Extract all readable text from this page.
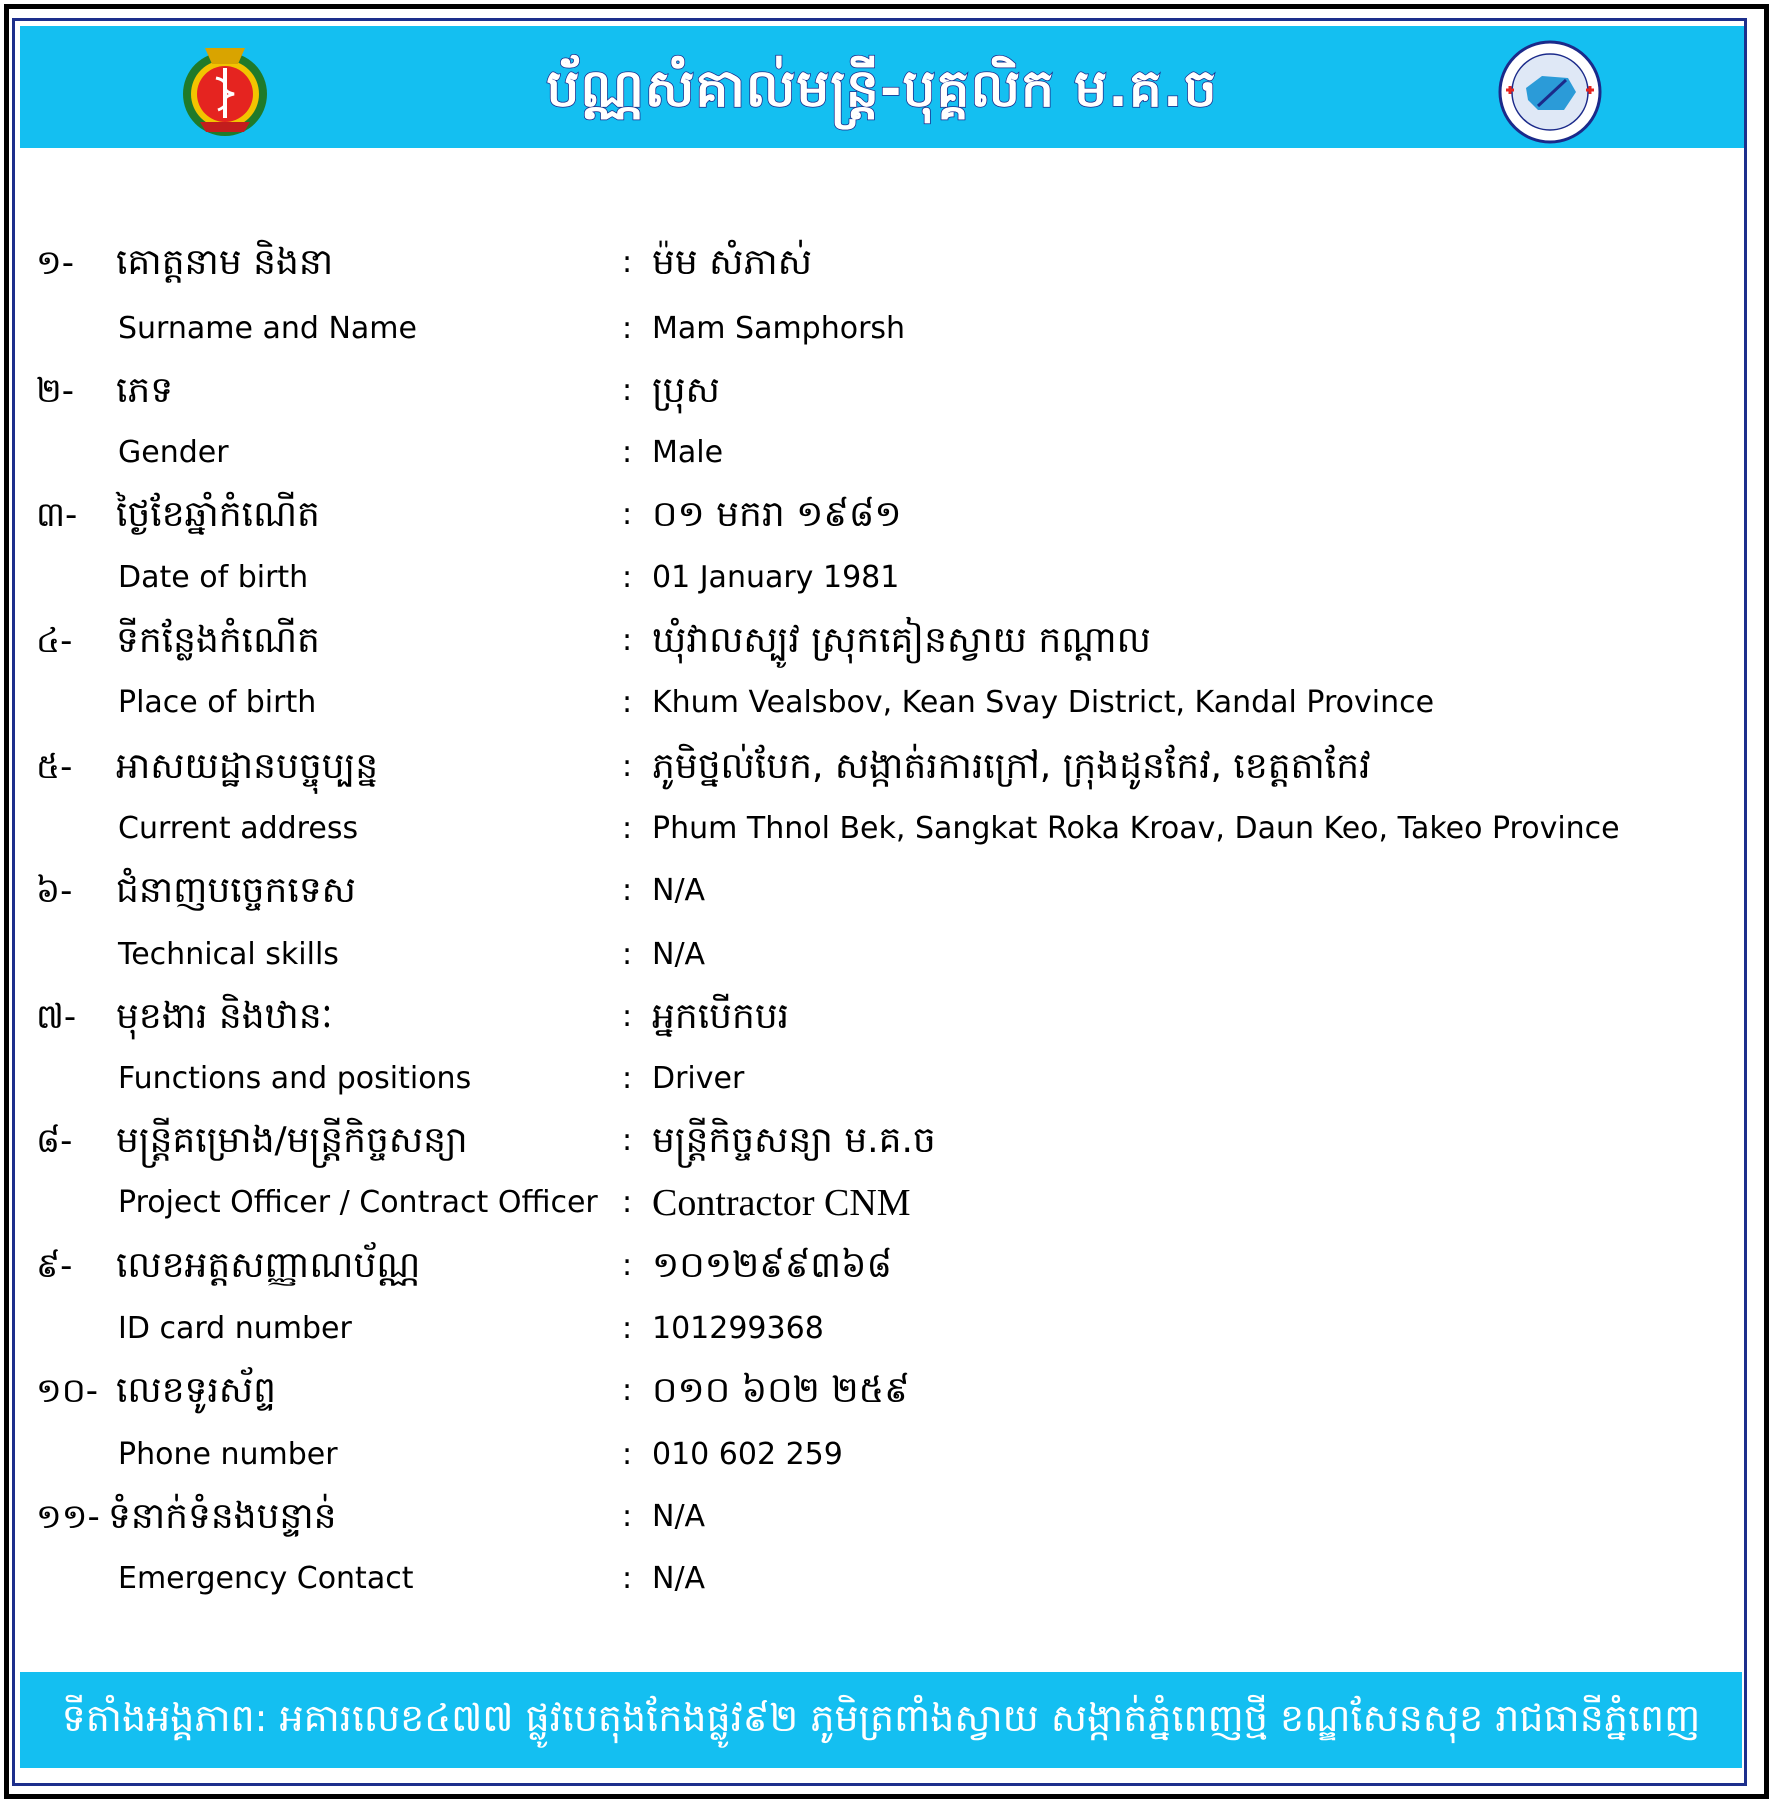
ប័ណ្ណសំគាល់មន្ត្រី-បុគ្គលិក ម.គ.ច
១- គោត្តនាម និងនា	: ម៉ម សំភាស់
Surname and Name	: Mam Samphorsh
២- ភេទ	: ប្រុស
Gender	: Male
៣- ថ្ងៃខែឆ្នាំកំណើត	: ០១ មករា ១៩៨១
Date of birth	: 01 January 1981
៤- ទីកន្លែងកំណើត	: ឃុំវាលស្បូវ ស្រុកគៀនស្វាយ កណ្ដាល
Place of birth	: Khum Vealsbov, Kean Svay District, Kandal Province
៥- អាសយដ្ឋានបច្ចុប្បន្ន	: ភូមិថ្នល់បែក, សង្កាត់រការក្រៅ, ក្រុងដូនកែវ, ខេត្តតាកែវ
Current address	: Phum Thnol Bek, Sangkat Roka Kroav, Daun Keo, Takeo Province
៦- ជំនាញបច្ចេកទេស	: N/A
Technical skills	: N/A
៧- មុខងារ និងឋានៈ	: អ្នកបើកបរ
Functions and positions	: Driver
៨- មន្ត្រីគម្រោង/មន្ត្រីកិច្ចសន្យា	: មន្ត្រីកិច្ចសន្យា ម.គ.ច
Project Officer / Contract Officer : Contractor CNM
៩- លេខអត្តសញ្ញាណប័ណ្ណ	: ១០១២៩៩៣៦៨
ID card number	: 101299368
១០- លេខទូរស័ព្ទ	: ០១០ ៦០២ ២៥៩
Phone number	: 010 602 259
១១- ទំនាក់ទំនងបន្ទាន់	: N/A
Emergency Contact	: N/A
ទីតាំងអង្គភាព: អគារលេខ៤៧៧ ផ្លូវបេតុងកែងផ្លូវ៩២ ភូមិត្រពាំងស្វាយ សង្កាត់ភ្នំពេញថ្មី ខណ្ឌសែនសុខ រាជធានីភ្នំពេញ
